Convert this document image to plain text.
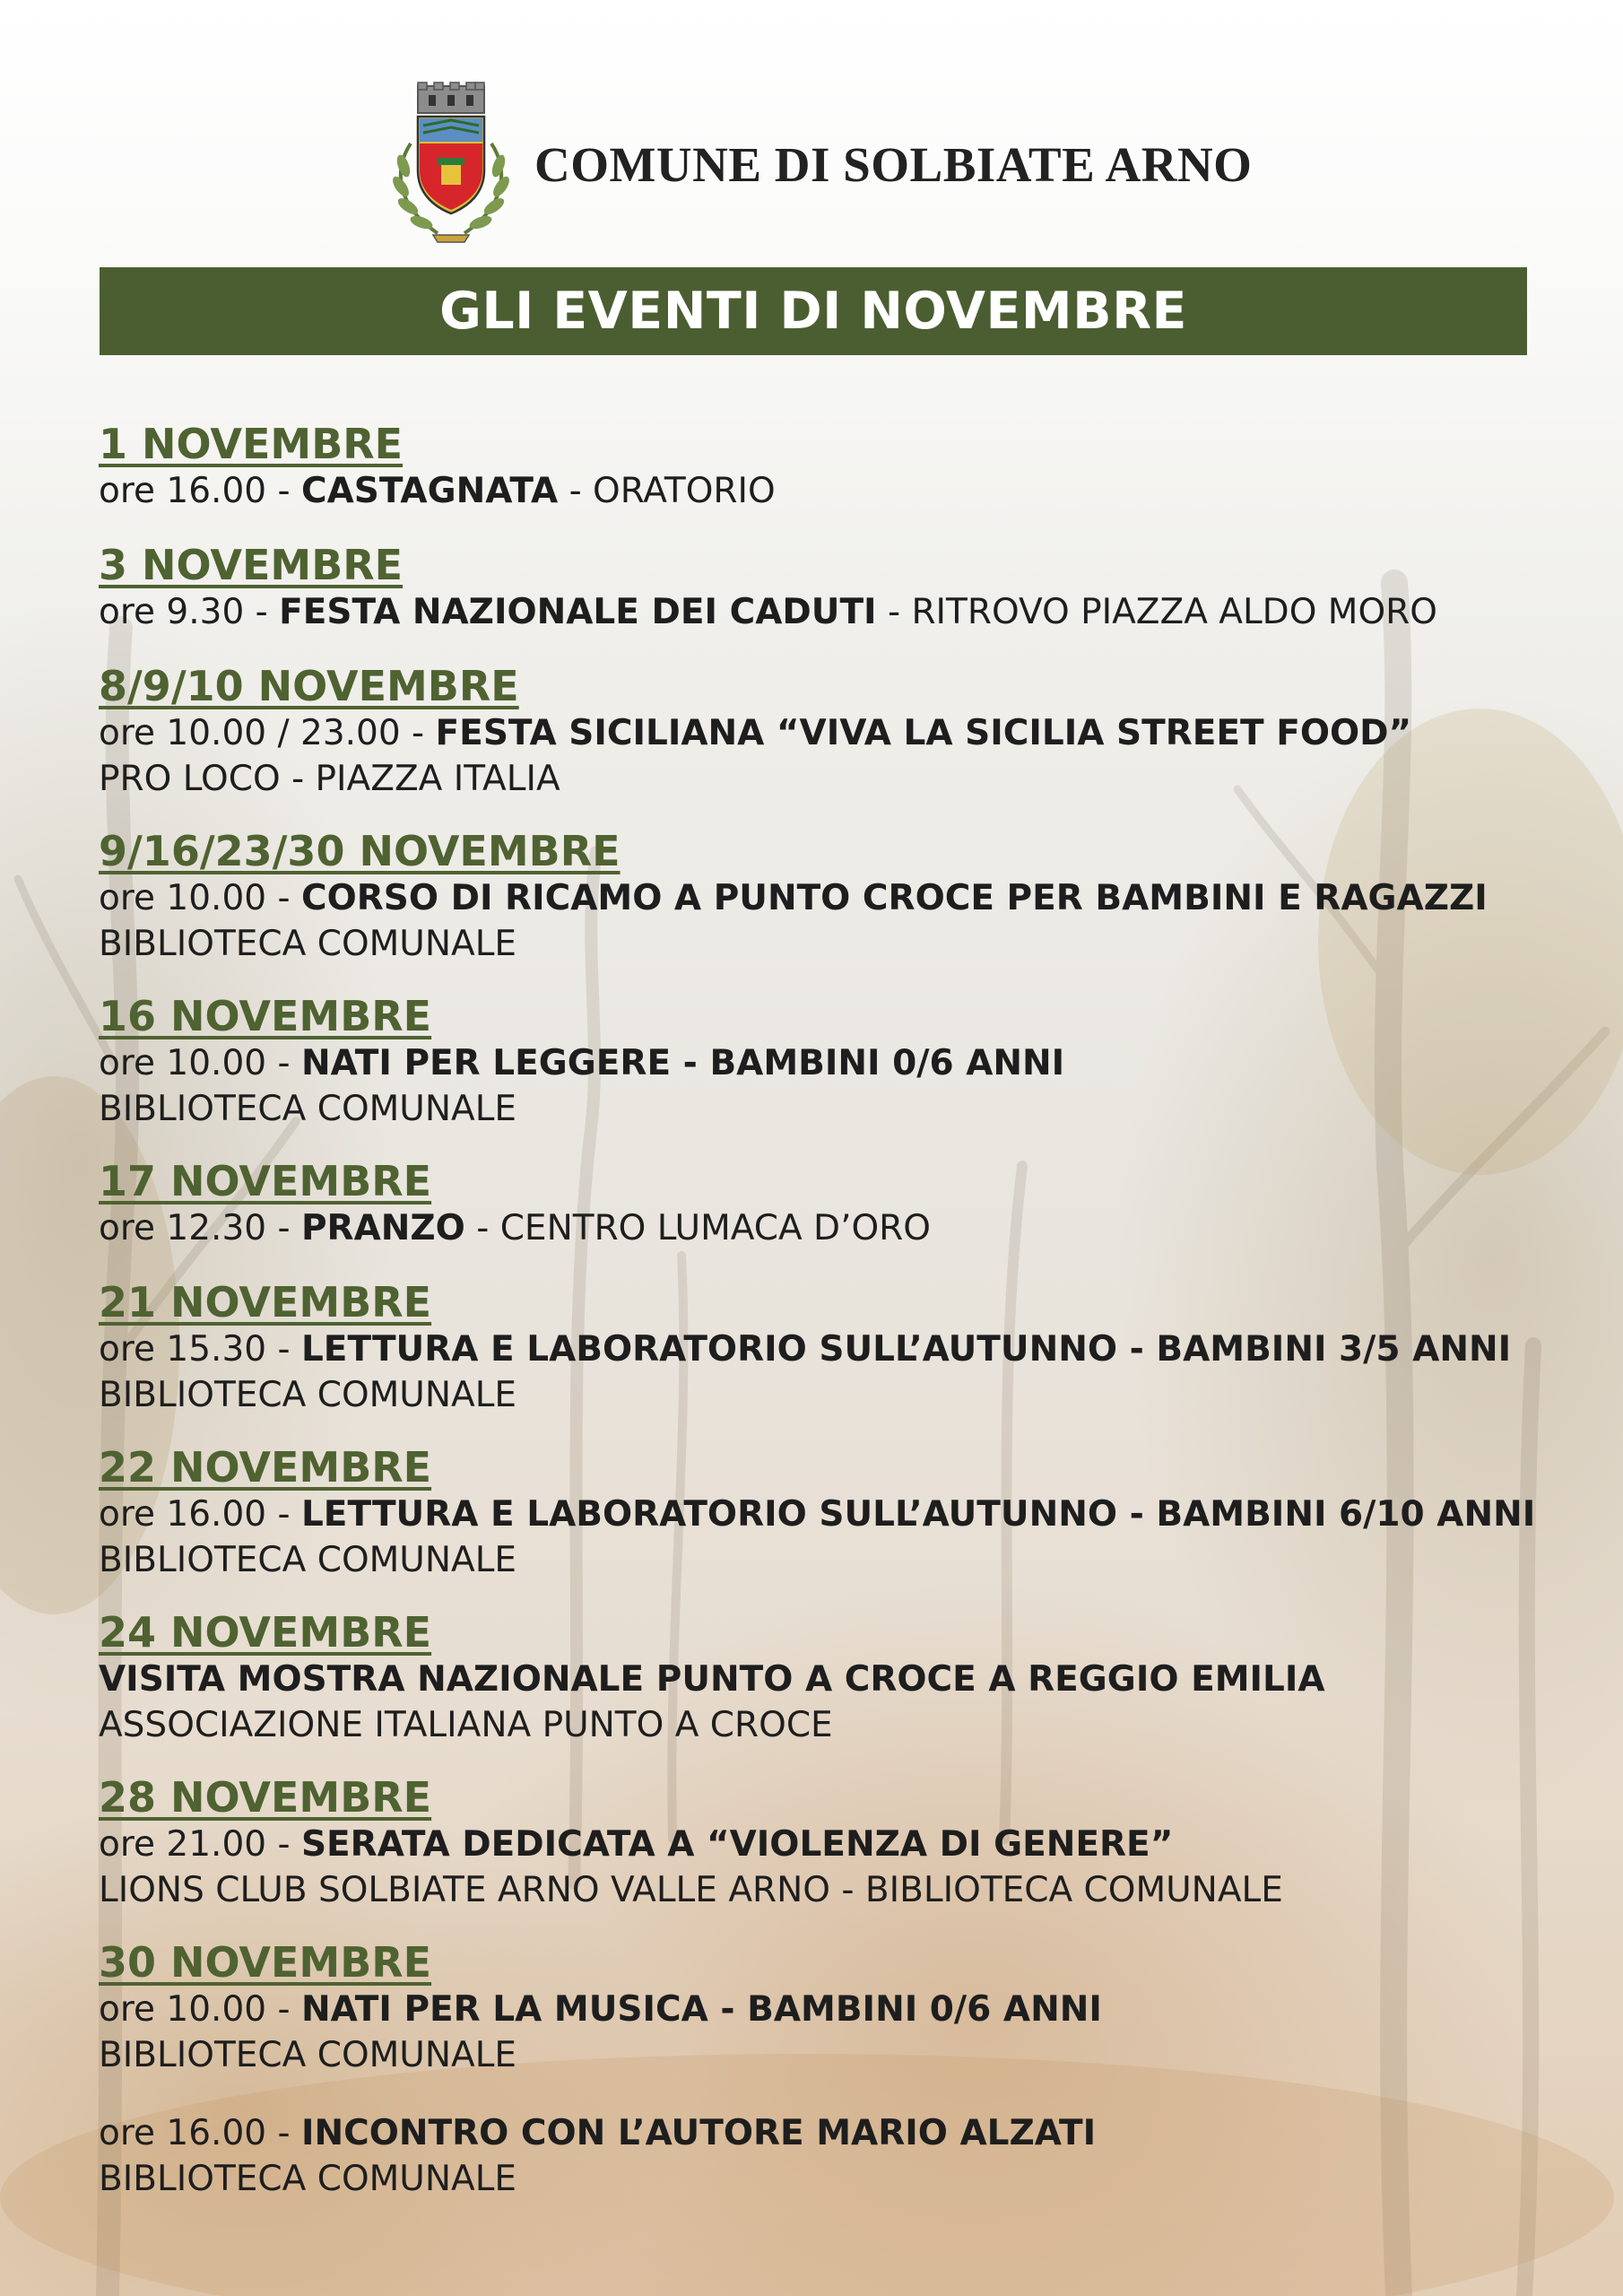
COMUNE DI SOLBIATE ARNO
GLI EVENTI DI NOVEMBRE
1 NOVEMBRE
ore 16.00 - CASTAGNATA - ORATORIO
3 NOVEMBRE
ore 9.30 - FESTA NAZIONALE DEI CADUTI - RITROVO PIAZZA ALDO MORO
8/9/10 NOVEMBRE
ore 10.00 / 23.00 - FESTA SICILIANA “VIVA LA SICILIA STREET FOOD”
PRO LOCO - PIAZZA ITALIA
9/16/23/30 NOVEMBRE
ore 10.00 - CORSO DI RICAMO A PUNTO CROCE PER BAMBINI E RAGAZZI
BIBLIOTECA COMUNALE
16 NOVEMBRE
ore 10.00 - NATI PER LEGGERE - BAMBINI 0/6 ANNI
BIBLIOTECA COMUNALE
17 NOVEMBRE
ore 12.30 - PRANZO - CENTRO LUMACA D’ORO
21 NOVEMBRE
ore 15.30 - LETTURA E LABORATORIO SULL’AUTUNNO - BAMBINI 3/5 ANNI
BIBLIOTECA COMUNALE
22 NOVEMBRE
ore 16.00 - LETTURA E LABORATORIO SULL’AUTUNNO - BAMBINI 6/10 ANNI
BIBLIOTECA COMUNALE
24 NOVEMBRE
VISITA MOSTRA NAZIONALE PUNTO A CROCE A REGGIO EMILIA
ASSOCIAZIONE ITALIANA PUNTO A CROCE
28 NOVEMBRE
ore 21.00 - SERATA DEDICATA A “VIOLENZA DI GENERE”
LIONS CLUB SOLBIATE ARNO VALLE ARNO - BIBLIOTECA COMUNALE
30 NOVEMBRE
ore 10.00 - NATI PER LA MUSICA - BAMBINI 0/6 ANNI
BIBLIOTECA COMUNALE
ore 16.00 - INCONTRO CON L’AUTORE MARIO ALZATI
BIBLIOTECA COMUNALE
